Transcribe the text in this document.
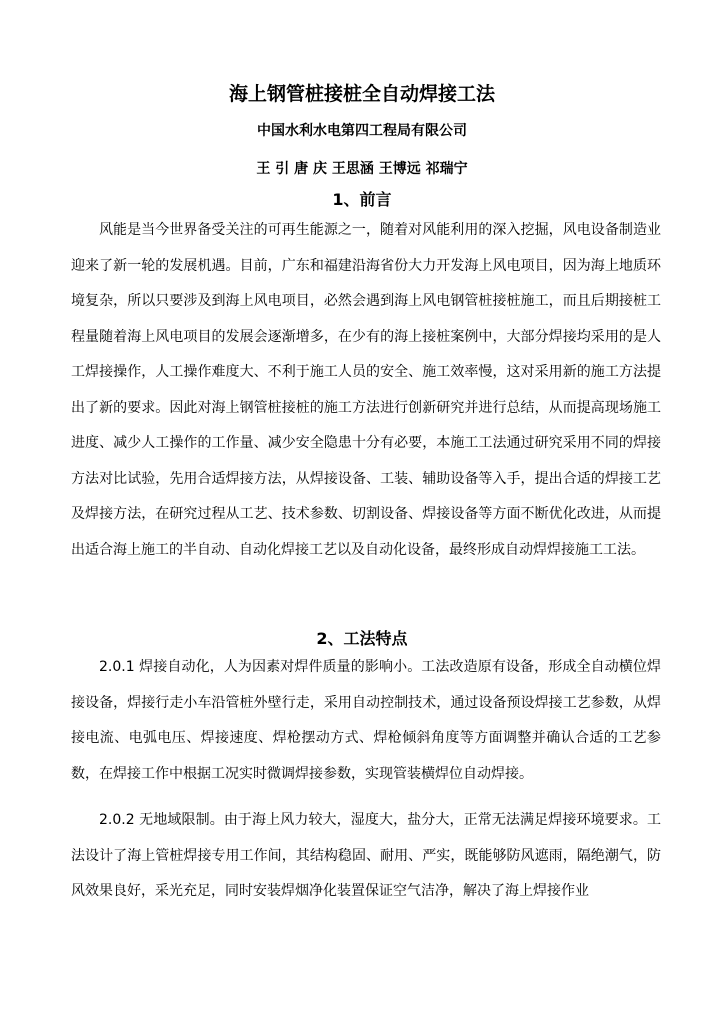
海上钢管桩接桩全自动焊接工法

中国水利水电第四工程局有限公司

王 引 唐 庆 王思涵 王博远 祁瑞宁

1、前言

风能是当今世界备受关注的可再生能源之一，随着对风能利用的深入挖掘，风电设备制造业迎来了新一轮的发展机遇。目前，广东和福建沿海省份大力开发海上风电项目，因为海上地质环境复杂，所以只要涉及到海上风电项目，必然会遇到海上风电钢管桩接桩施工，而且后期接桩工程量随着海上风电项目的发展会逐渐增多，在少有的海上接桩案例中，大部分焊接均采用的是人工焊接操作，人工操作难度大、不利于施工人员的安全、施工效率慢，这对采用新的施工方法提出了新的要求。因此对海上钢管桩接桩的施工方法进行创新研究并进行总结，从而提高现场施工进度、减少人工操作的工作量、减少安全隐患十分有必要，本施工工法通过研究采用不同的焊接方法对比试验，先用合适焊接方法，从焊接设备、工装、辅助设备等入手，提出合适的焊接工艺及焊接方法，在研究过程从工艺、技术参数、切割设备、焊接设备等方面不断优化改进，从而提出适合海上施工的半自动、自动化焊接工艺以及自动化设备，最终形成自动焊焊接施工工法。

2、工法特点

2.0.1 焊接自动化，人为因素对焊件质量的影响小。工法改造原有设备，形成全自动横位焊接设备，焊接行走小车沿管桩外壁行走，采用自动控制技术，通过设备预设焊接工艺参数，从焊接电流、电弧电压、焊接速度、焊枪摆动方式、焊枪倾斜角度等方面调整并确认合适的工艺参数，在焊接工作中根据工况实时微调焊接参数，实现管装横焊位自动焊接。

2.0.2 无地域限制。由于海上风力较大，湿度大，盐分大，正常无法满足焊接环境要求。工法设计了海上管桩焊接专用工作间，其结构稳固、耐用、严实，既能够防风遮雨，隔绝潮气，防风效果良好，采光充足，同时安装焊烟净化装置保证空气洁净，解决了海上焊接作业
